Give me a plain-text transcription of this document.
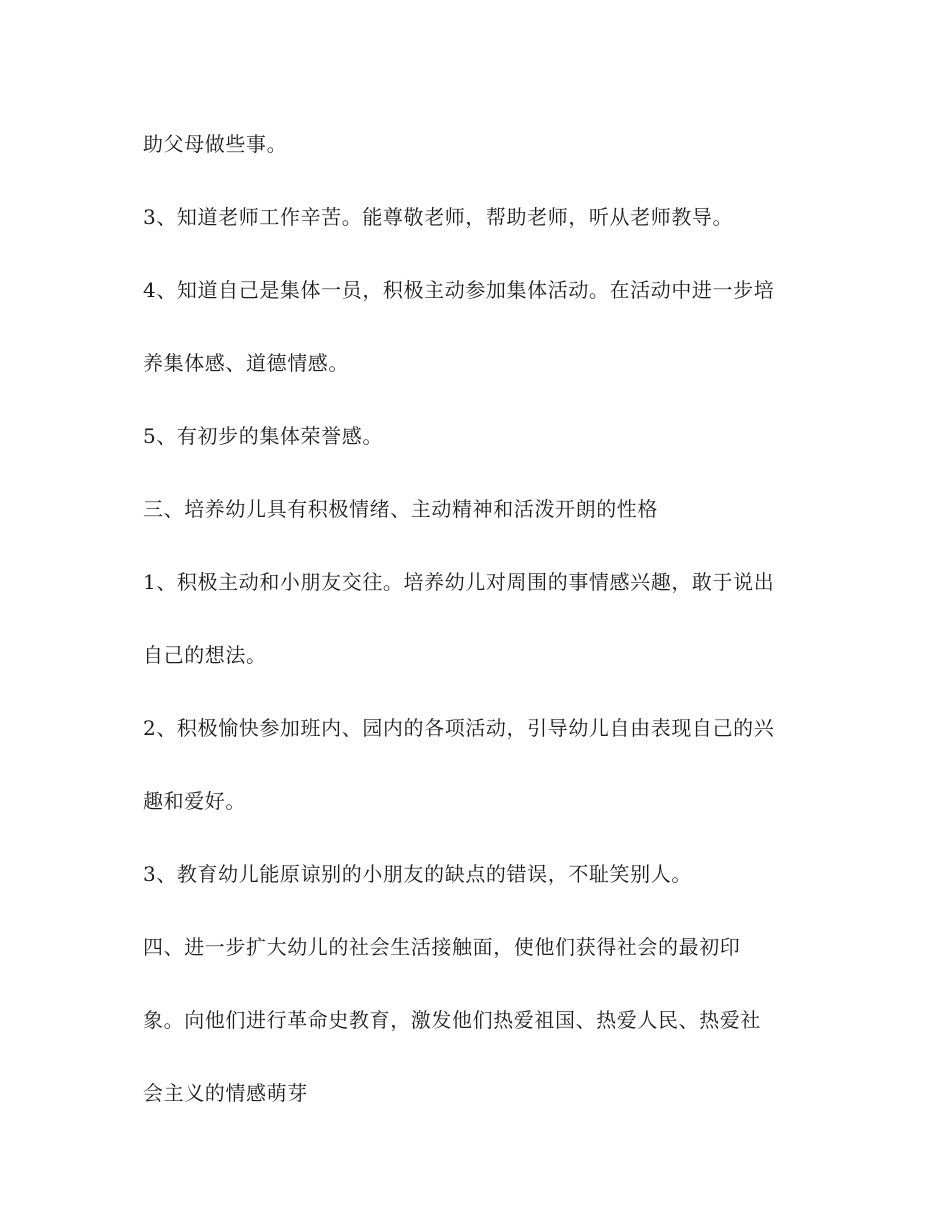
助父母做些事。

3、知道老师工作辛苦。能尊敬老师，帮助老师，听从老师教导。

4、知道自己是集体一员，积极主动参加集体活动。在活动中进一步培

养集体感、道德情感。

5、有初步的集体荣誉感。

三、培养幼儿具有积极情绪、主动精神和活泼开朗的性格

1、积极主动和小朋友交往。培养幼儿对周围的事情感兴趣，敢于说出

自己的想法。

2、积极愉快参加班内、园内的各项活动，引导幼儿自由表现自己的兴

趣和爱好。

3、教育幼儿能原谅别的小朋友的缺点的错误，不耻笑别人。

四、进一步扩大幼儿的社会生活接触面，使他们获得社会的最初印

象。向他们进行革命史教育，激发他们热爱祖国、热爱人民、热爱社

会主义的情感萌芽
